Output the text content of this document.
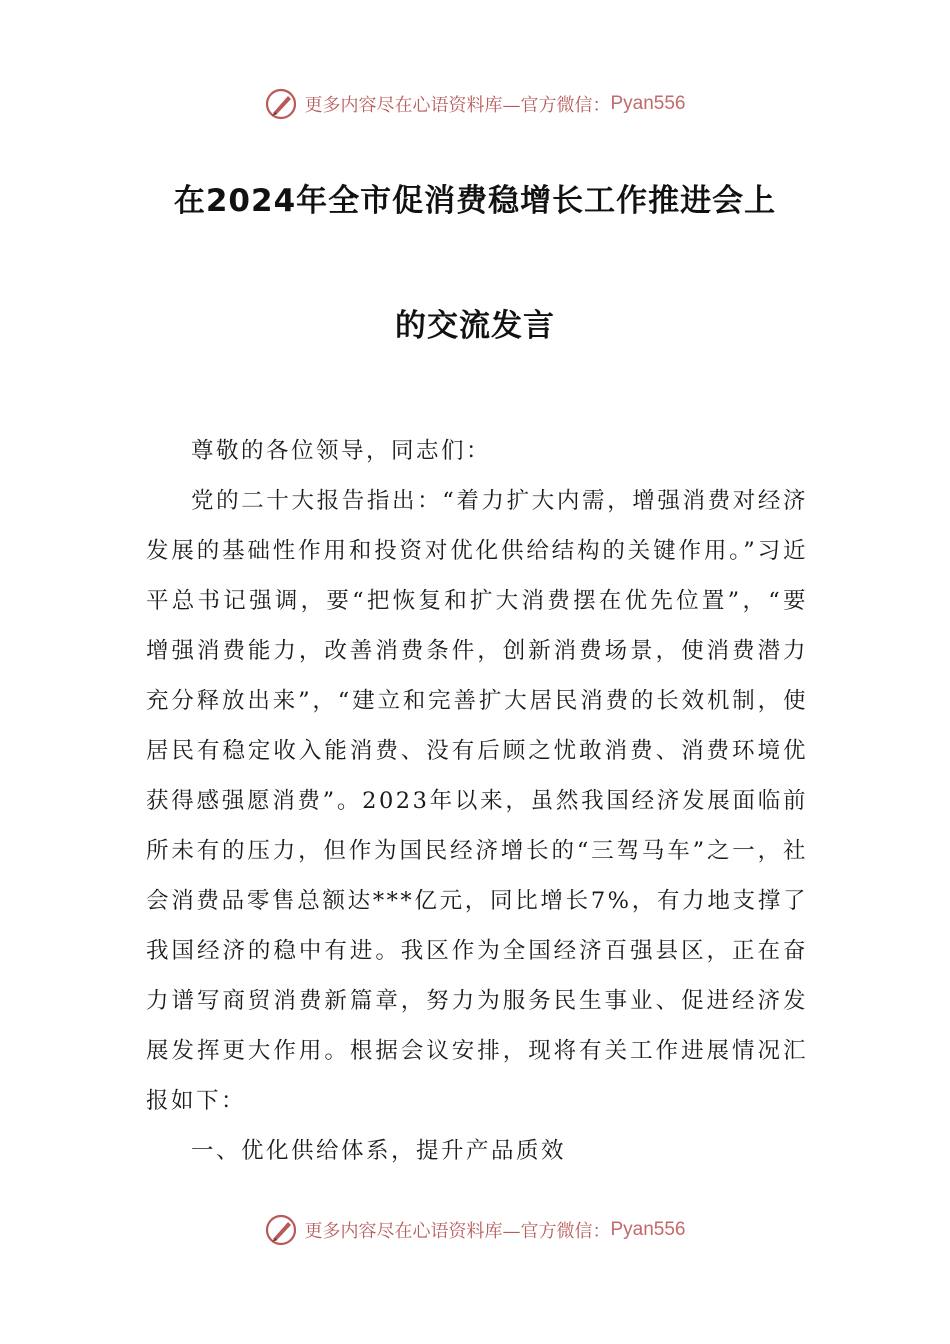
更多内容尽在心语资料库—官方微信： Pyan556
在2024年全市促消费稳增长工作推进会上
的交流发言

尊敬的各位领导，同志们：

党的二十大报告指出：“着力扩大内需，增强消费对经济发展的基础性作用和投资对优化供给结构的关键作用。”习近平总书记强调，要“把恢复和扩大消费摆在优先位置”，“要增强消费能力，改善消费条件，创新消费场景，使消费潜力充分释放出来”，“建立和完善扩大居民消费的长效机制，使居民有稳定收入能消费、没有后顾之忧敢消费、消费环境优获得感强愿消费”。2023年以来，虽然我国经济发展面临前所未有的压力，但作为国民经济增长的“三驾马车”之一，社会消费品零售总额达***亿元，同比增长7%，有力地支撑了我国经济的稳中有进。我区作为全国经济百强县区，正在奋力谱写商贸消费新篇章，努力为服务民生事业、促进经济发展发挥更大作用。根据会议安排，现将有关工作进展情况汇报如下：

一、优化供给体系，提升产品质效

更多内容尽在心语资料库—官方微信： Pyan556
